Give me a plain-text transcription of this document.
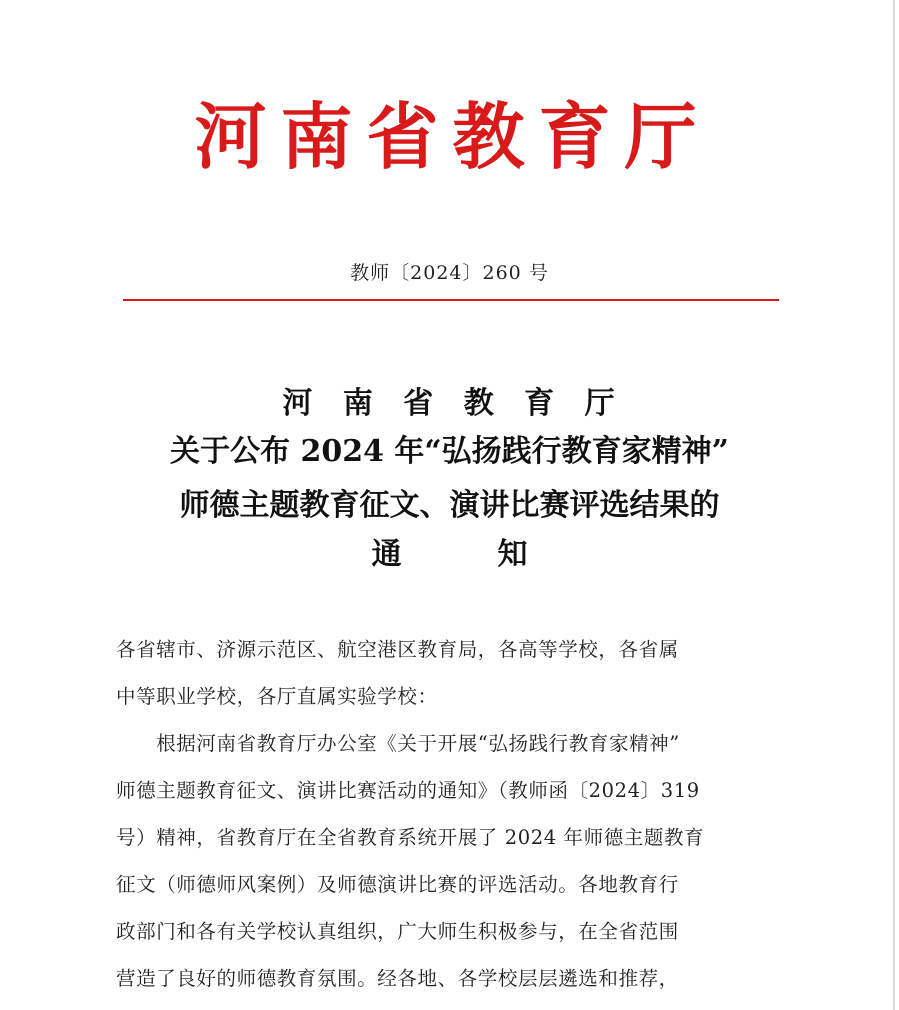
河南省教育厅
教师〔2024〕260 号
河 南 省 教 育 厅
关于公布 2024 年“弘扬践行教育家精神”
师德主题教育征文、演讲比赛评选结果的
通	知
各省辖市、济源示范区、航空港区教育局，各高等学校，各省属
中等职业学校，各厅直属实验学校：
　　根据河南省教育厅办公室《关于开展“弘扬践行教育家精神”
师德主题教育征文、演讲比赛活动的通知》（教师函〔2024〕319
号）精神，省教育厅在全省教育系统开展了 2024 年师德主题教育
征文（师德师风案例）及师德演讲比赛的评选活动。各地教育行
政部门和各有关学校认真组织，广大师生积极参与，在全省范围
营造了良好的师德教育氛围。经各地、各学校层层遴选和推荐，
